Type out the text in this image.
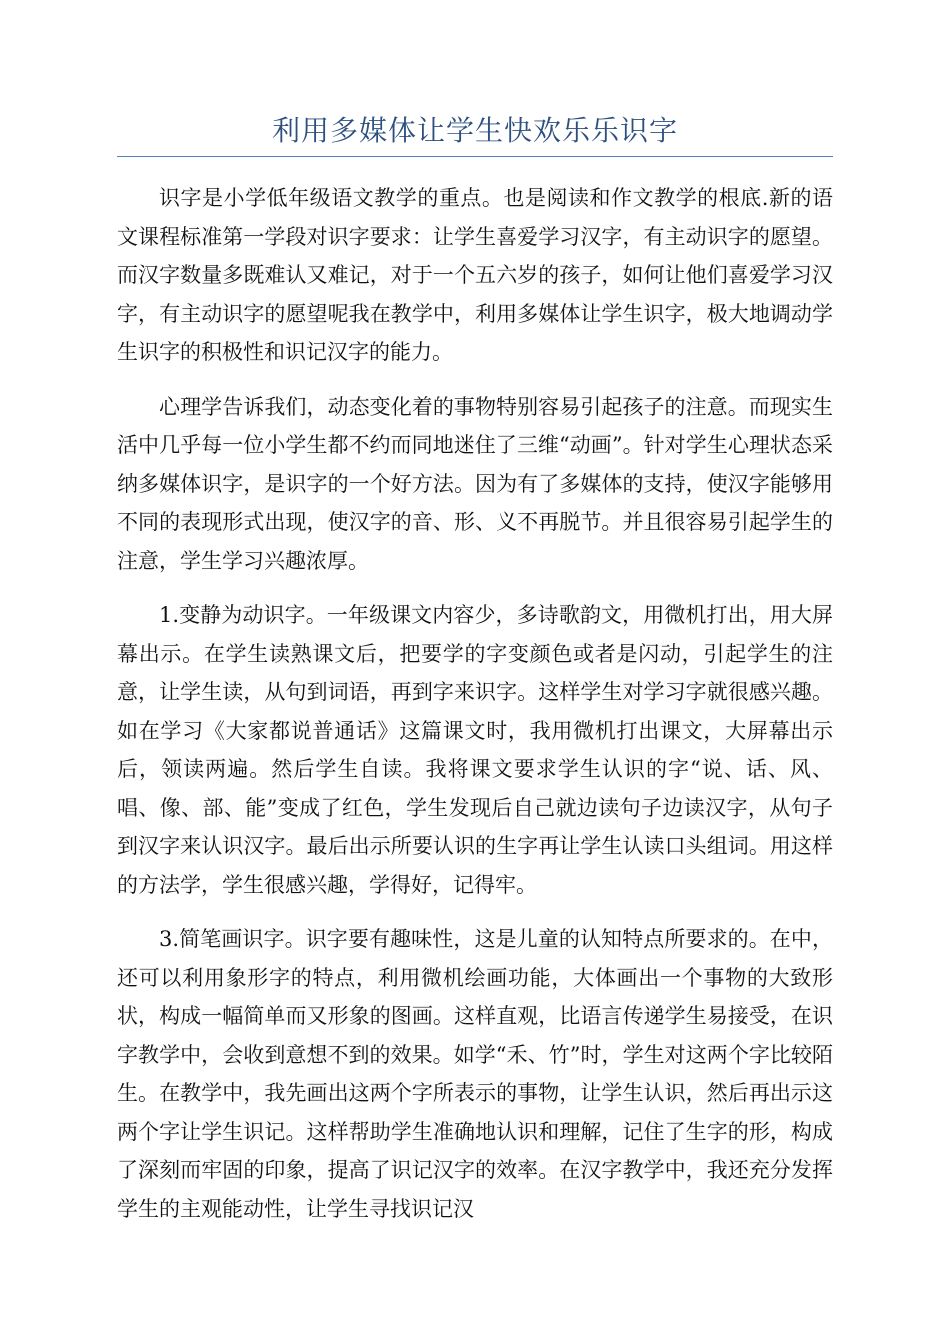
利用多媒体让学生快欢乐乐识字

识字是小学低年级语文教学的重点。也是阅读和作文教学的根底.新的语文课程标准第一学段对识字要求：让学生喜爱学习汉字，有主动识字的愿望。而汉字数量多既难认又难记，对于一个五六岁的孩子，如何让他们喜爱学习汉字，有主动识字的愿望呢我在教学中，利用多媒体让学生识字，极大地调动学生识字的积极性和识记汉字的能力。

心理学告诉我们，动态变化着的事物特别容易引起孩子的注意。而现实生活中几乎每一位小学生都不约而同地迷住了三维“动画”。针对学生心理状态采纳多媒体识字，是识字的一个好方法。因为有了多媒体的支持，使汉字能够用不同的表现形式出现，使汉字的音、形、义不再脱节。并且很容易引起学生的注意，学生学习兴趣浓厚。

1.变静为动识字。一年级课文内容少，多诗歌韵文，用微机打出，用大屏幕出示。在学生读熟课文后，把要学的字变颜色或者是闪动，引起学生的注意，让学生读，从句到词语，再到字来识字。这样学生对学习字就很感兴趣。如在学习《大家都说普通话》这篇课文时，我用微机打出课文，大屏幕出示后，领读两遍。然后学生自读。我将课文要求学生认识的字“说、话、风、唱、像、部、能”变成了红色，学生发现后自己就边读句子边读汉字，从句子到汉字来认识汉字。最后出示所要认识的生字再让学生认读口头组词。用这样的方法学，学生很感兴趣，学得好，记得牢。

3.简笔画识字。识字要有趣味性，这是儿童的认知特点所要求的。在中，还可以利用象形字的特点，利用微机绘画功能，大体画出一个事物的大致形状，构成一幅简单而又形象的图画。这样直观，比语言传递学生易接受，在识字教学中，会收到意想不到的效果。如学“禾、竹”时，学生对这两个字比较陌生。在教学中，我先画出这两个字所表示的事物，让学生认识，然后再出示这两个字让学生识记。这样帮助学生准确地认识和理解，记住了生字的形，构成了深刻而牢固的印象，提高了识记汉字的效率。在汉字教学中，我还充分发挥学生的主观能动性，让学生寻找识记汉
